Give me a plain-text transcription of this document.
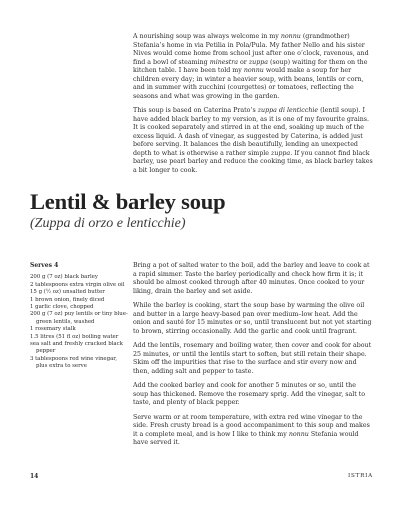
A nourishing soup was always welcome in my nonnu (grandmother) Stefania’s home in via Petilia in Pola/Pula. My father Nello and his sister Nives would come home from school just after one o’clock, ravenous, and find a bowl of steaming minestra or zuppa (soup) waiting for them on the kitchen table. I have been told my nonnu would make a soup for her children every day; in winter a heavier soup, with beans, lentils or corn, and in summer with zucchini (courgettes) or tomatoes, reflecting the seasons and what was growing in the garden.

This soup is based on Caterina Prato’s zuppa di lenticchie (lentil soup). I have added black barley to my version, as it is one of my favourite grains. It is cooked separately and stirred in at the end, soaking up much of the excess liquid. A dash of vinegar, as suggested by Caterina, is added just before serving. It balances the dish beautifully, lending an unexpected depth to what is otherwise a rather simple zuppa. If you cannot find black barley, use pearl barley and reduce the cooking time, as black barley takes a bit longer to cook.

Lentil & barley soup
(Zuppa di orzo e lenticchie)
Serves 4
200 g (7 oz) black barley
2 tablespoons extra virgin olive oil
15 g (½ oz) unsalted butter
1 brown onion, finely diced
1 garlic clove, chopped
200 g (7 oz) puy lentils or tiny blue-green lentils, washed
1 rosemary stalk
1.5 litres (51 fl oz) boiling water
sea salt and freshly cracked black pepper
3 tablespoons red wine vinegar, plus extra to serve

Bring a pot of salted water to the boil, add the barley and leave to cook at a rapid simmer. Taste the barley periodically and check how firm it is; it should be almost cooked through after 40 minutes. Once cooked to your liking, drain the barley and set aside.

While the barley is cooking, start the soup base by warming the olive oil and butter in a large heavy-based pan over medium–low heat. Add the onion and sauté for 15 minutes or so, until translucent but not yet starting to brown, stirring occasionally. Add the garlic and cook until fragrant.

Add the lentils, rosemary and boiling water, then cover and cook for about 25 minutes, or until the lentils start to soften, but still retain their shape. Skim off the impurities that rise to the surface and stir every now and then, adding salt and pepper to taste.

Add the cooked barley and cook for another 5 minutes or so, until the soup has thickened. Remove the rosemary sprig. Add the vinegar, salt to taste, and plenty of black pepper.

Serve warm or at room temperature, with extra red wine vinegar to the side. Fresh crusty bread is a good accompaniment to this soup and makes it a complete meal, and is how I like to think my nonnu Stefania would have served it.

14	ISTRIA
